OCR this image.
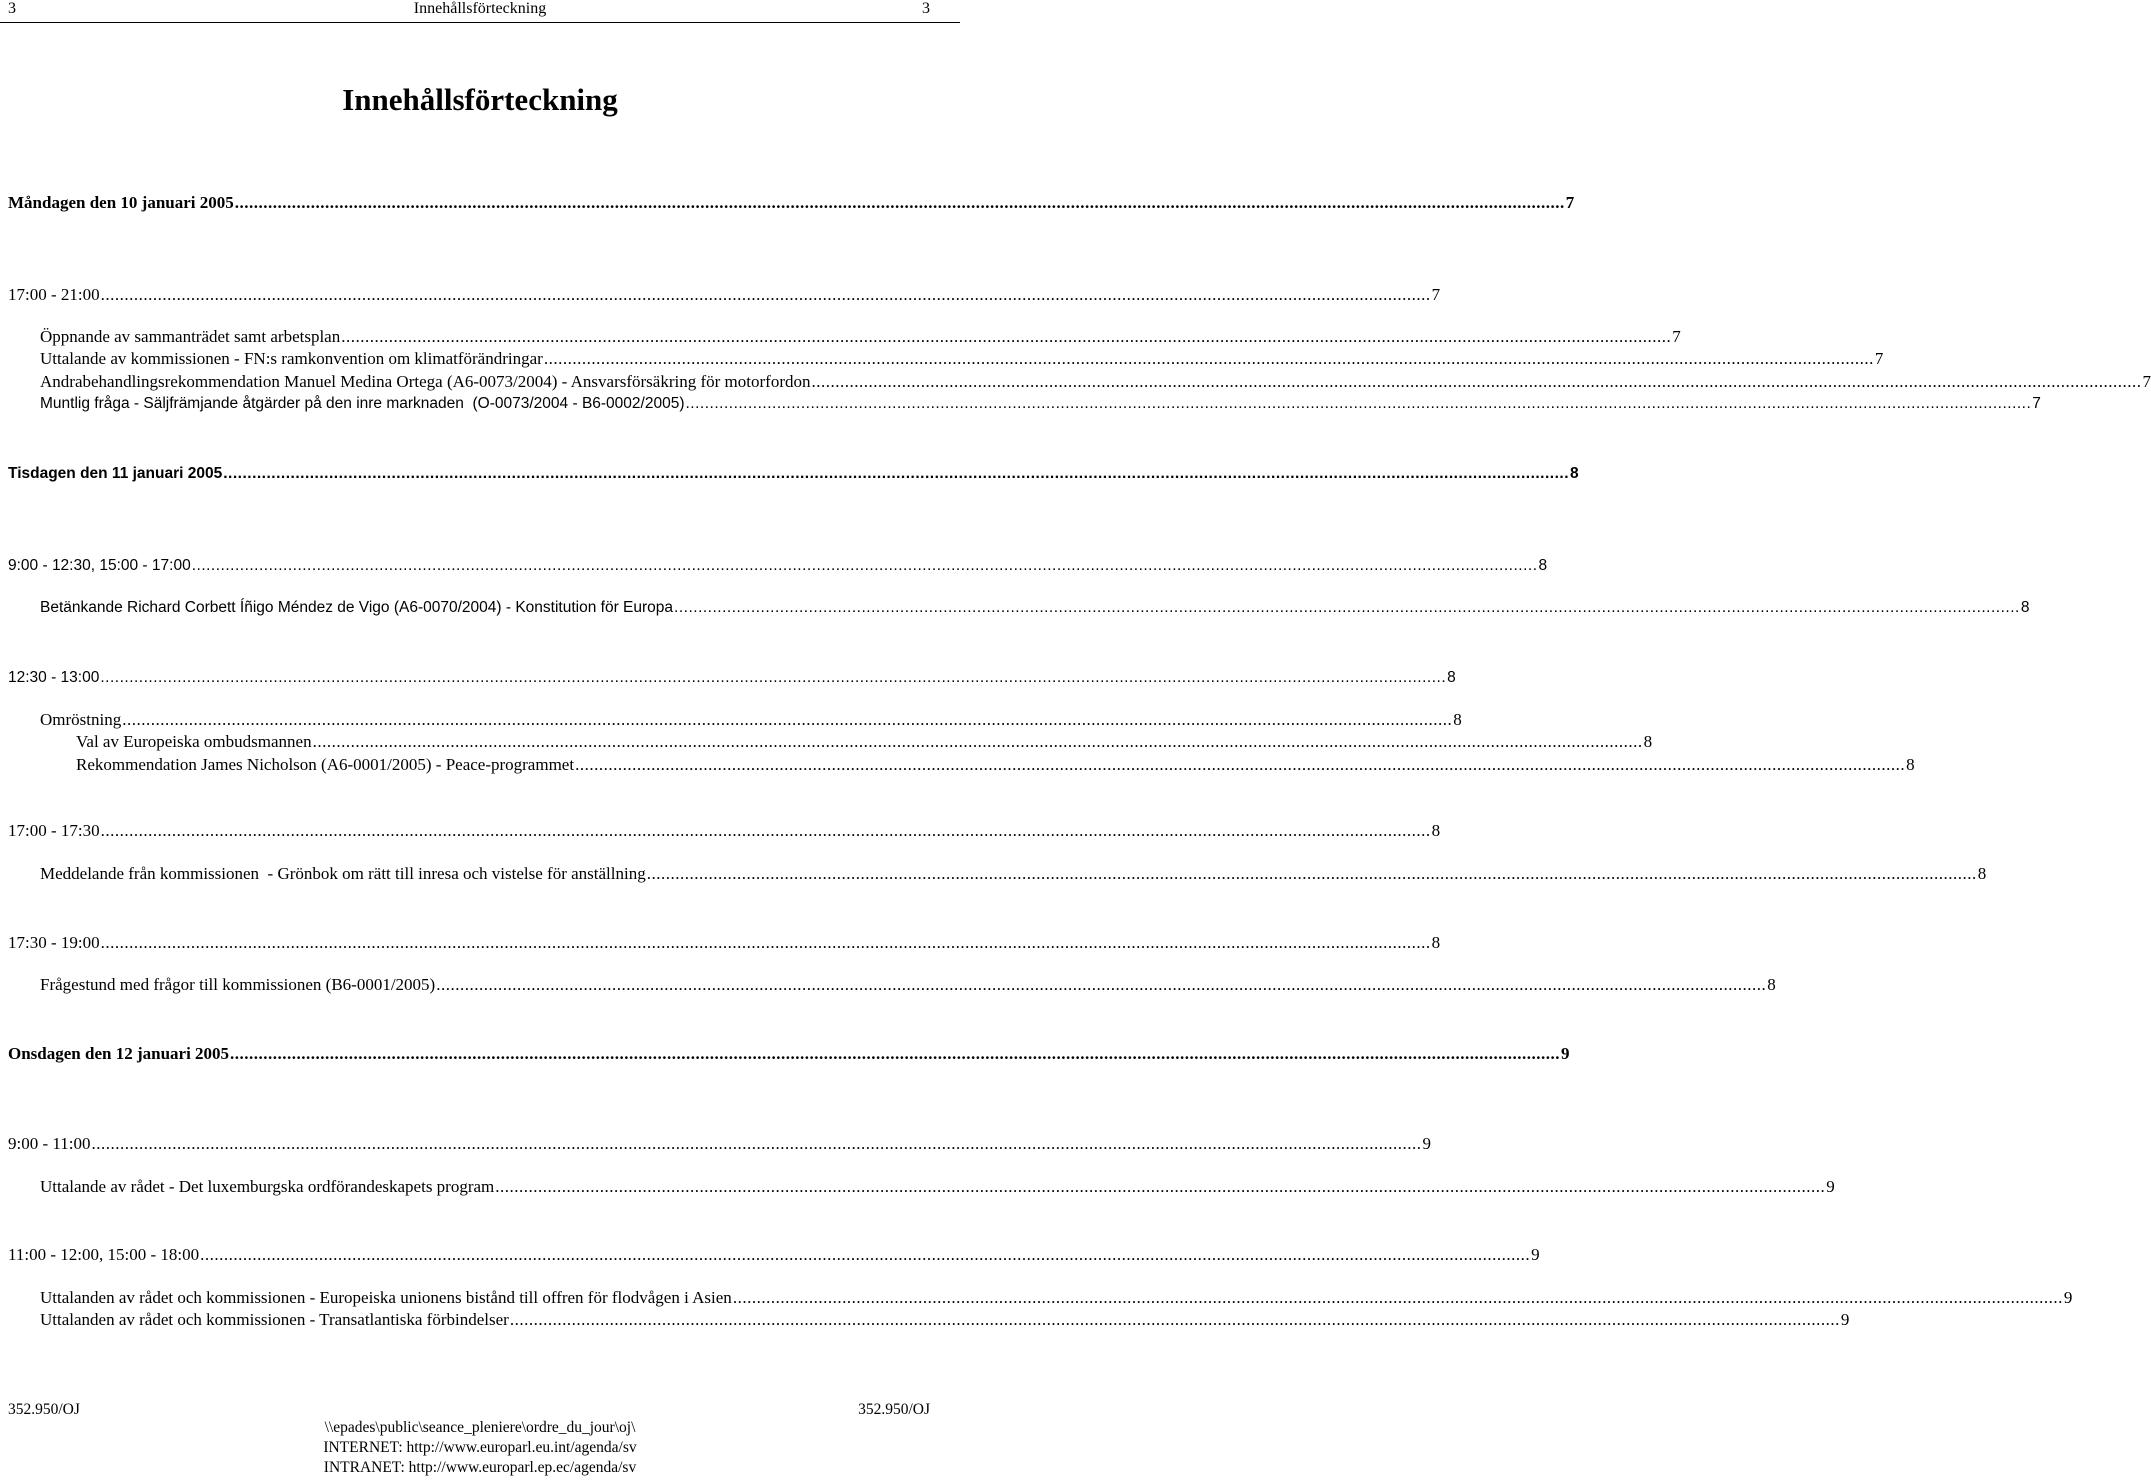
3	Innehållsförteckning	3
Innehållsförteckning
Måndagen den 10 januari 2005 ........................................................................................................................................................................................................................................................................................ 7
17:00 - 21:00 ........................................................................................................................................................................................................................................................................................ 7
Öppnande av sammanträdet samt arbetsplan ........................................................................................................................................................................................................................................................................................ 7
Uttalande av kommissionen - FN:s ramkonvention om klimatförändringar ........................................................................................................................................................................................................................................................................................ 7
Andrabehandlingsrekommendation Manuel Medina Ortega (A6-0073/2004) - Ansvarsförsäkring för motorfordon ........................................................................................................................................................................................................................................................................................ 7
Muntlig fråga - Säljfrämjande åtgärder på den inre marknaden  (O-0073/2004 - B6-0002/2005) ........................................................................................................................................................................................................................................................................................ 7
Tisdagen den 11 januari 2005 ........................................................................................................................................................................................................................................................................................ 8
9:00 - 12:30, 15:00 - 17:00 ........................................................................................................................................................................................................................................................................................ 8
Betänkande Richard Corbett Íñigo Méndez de Vigo (A6-0070/2004) - Konstitution för Europa ........................................................................................................................................................................................................................................................................................ 8
12:30 - 13:00 ........................................................................................................................................................................................................................................................................................ 8
Omröstning ........................................................................................................................................................................................................................................................................................ 8
Val av Europeiska ombudsmannen ........................................................................................................................................................................................................................................................................................ 8
Rekommendation James Nicholson (A6-0001/2005) - Peace-programmet ........................................................................................................................................................................................................................................................................................ 8
17:00 - 17:30 ........................................................................................................................................................................................................................................................................................ 8
Meddelande från kommissionen  - Grönbok om rätt till inresa och vistelse för anställning ........................................................................................................................................................................................................................................................................................ 8
17:30 - 19:00 ........................................................................................................................................................................................................................................................................................ 8
Frågestund med frågor till kommissionen (B6-0001/2005) ........................................................................................................................................................................................................................................................................................ 8
Onsdagen den 12 januari 2005 ........................................................................................................................................................................................................................................................................................ 9
9:00 - 11:00 ........................................................................................................................................................................................................................................................................................ 9
Uttalande av rådet - Det luxemburgska ordförandeskapets program ........................................................................................................................................................................................................................................................................................ 9
11:00 - 12:00, 15:00 - 18:00 ........................................................................................................................................................................................................................................................................................ 9
Uttalanden av rådet och kommissionen - Europeiska unionens bistånd till offren för flodvågen i Asien ........................................................................................................................................................................................................................................................................................ 9
Uttalanden av rådet och kommissionen - Transatlantiska förbindelser ........................................................................................................................................................................................................................................................................................ 9
352.950/OJ	352.950/OJ
\\epades\public\seance_pleniere\ordre_du_jour\oj\
INTERNET: http://www.europarl.eu.int/agenda/sv
INTRANET: http://www.europarl.ep.ec/agenda/sv
